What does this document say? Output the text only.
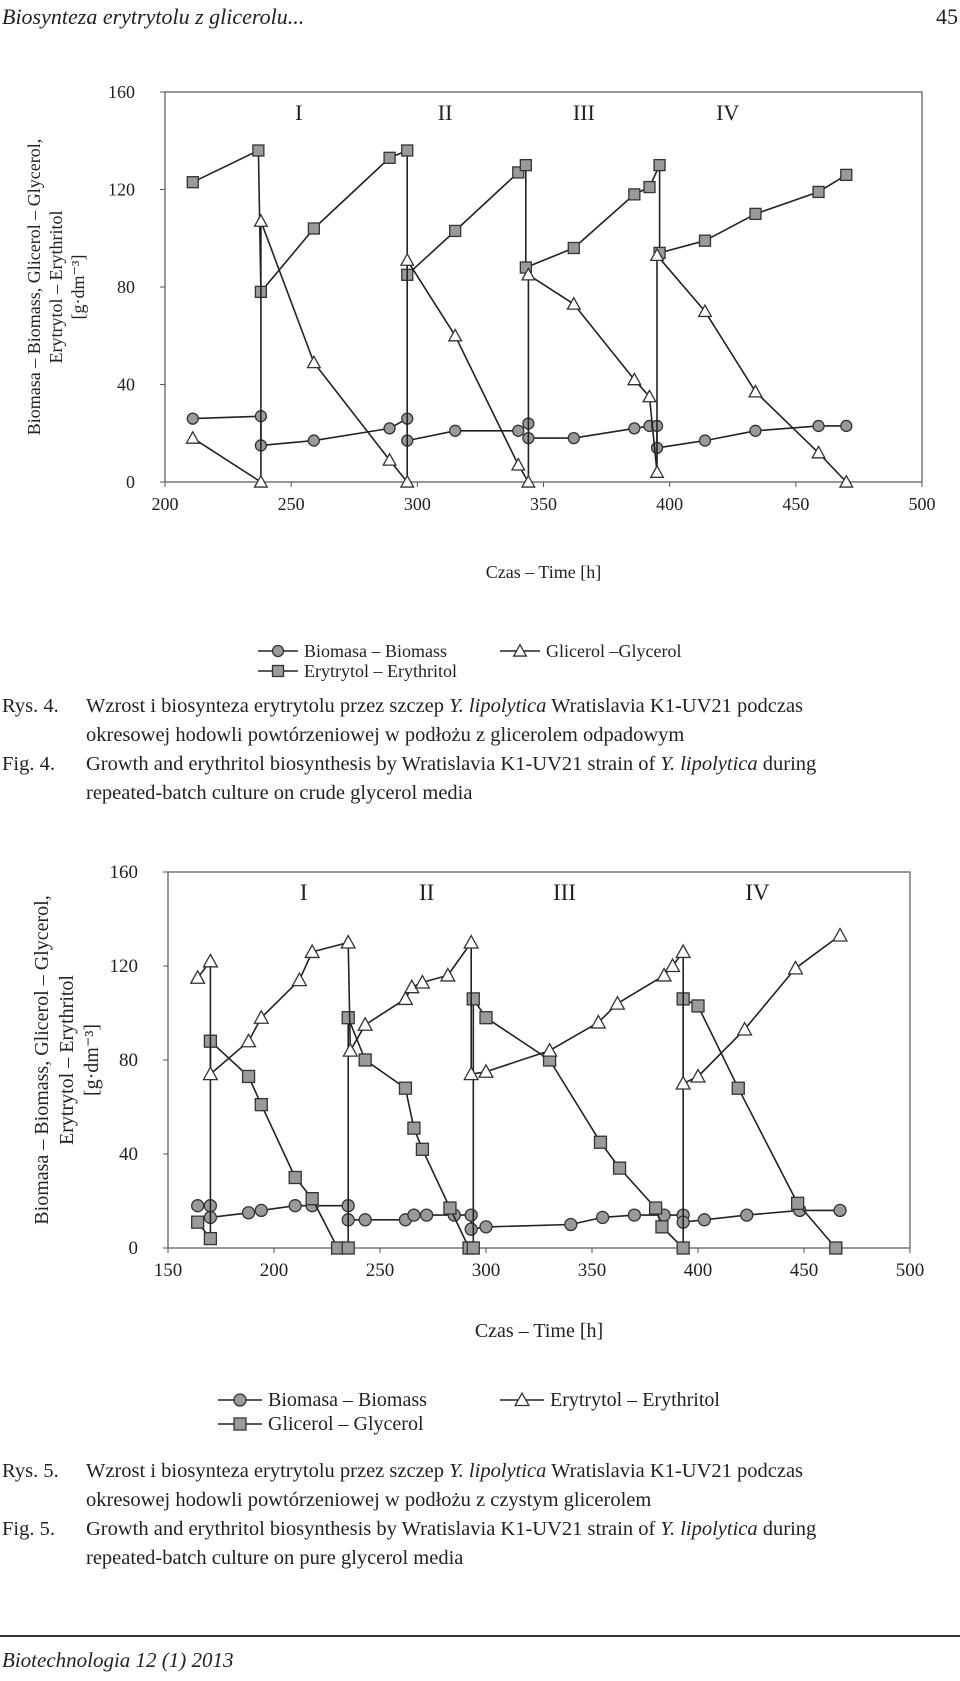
Biosynteza erytrytolu z glicerolu...	45
0
40
80
120
160
200	250	300	350	400	450	500
Czas – Time [h]
Biomasa – Biomass, Glicerol – Glycerol, Erytrytol – Erythritol [g·dm⁻³]
I	II	III	IV
Biomasa – Biomass	Glicerol –Glycerol
Erytrytol – Erythritol
Rys. 4.	Wzrost i biosynteza erytrytolu przez szczep Y. lipolytica Wratislavia K1-UV21 podczas
okresowej hodowli powtórzeniowej w podłożu z glicerolem odpadowym
Fig. 4.	Growth and erythritol biosynthesis by Wratislavia K1-UV21 strain of Y. lipolytica during
repeated-batch culture on crude glycerol media
0
40
80
120
160
150	200	250	300	350	400	450	500
Czas – Time [h]
Biomasa – Biomass, Glicerol – Glycerol, Erytrytol – Erythritol [g·dm⁻³]
I	II	III	IV
Biomasa – Biomass	Erytrytol – Erythritol
Glicerol – Glycerol
Rys. 5.	Wzrost i biosynteza erytrytolu przez szczep Y. lipolytica Wratislavia K1-UV21 podczas
okresowej hodowli powtórzeniowej w podłożu z czystym glicerolem
Fig. 5.	Growth and erythritol biosynthesis by Wratislavia K1-UV21 strain of Y. lipolytica during
repeated-batch culture on pure glycerol media
Biotechnologia 12 (1) 2013
